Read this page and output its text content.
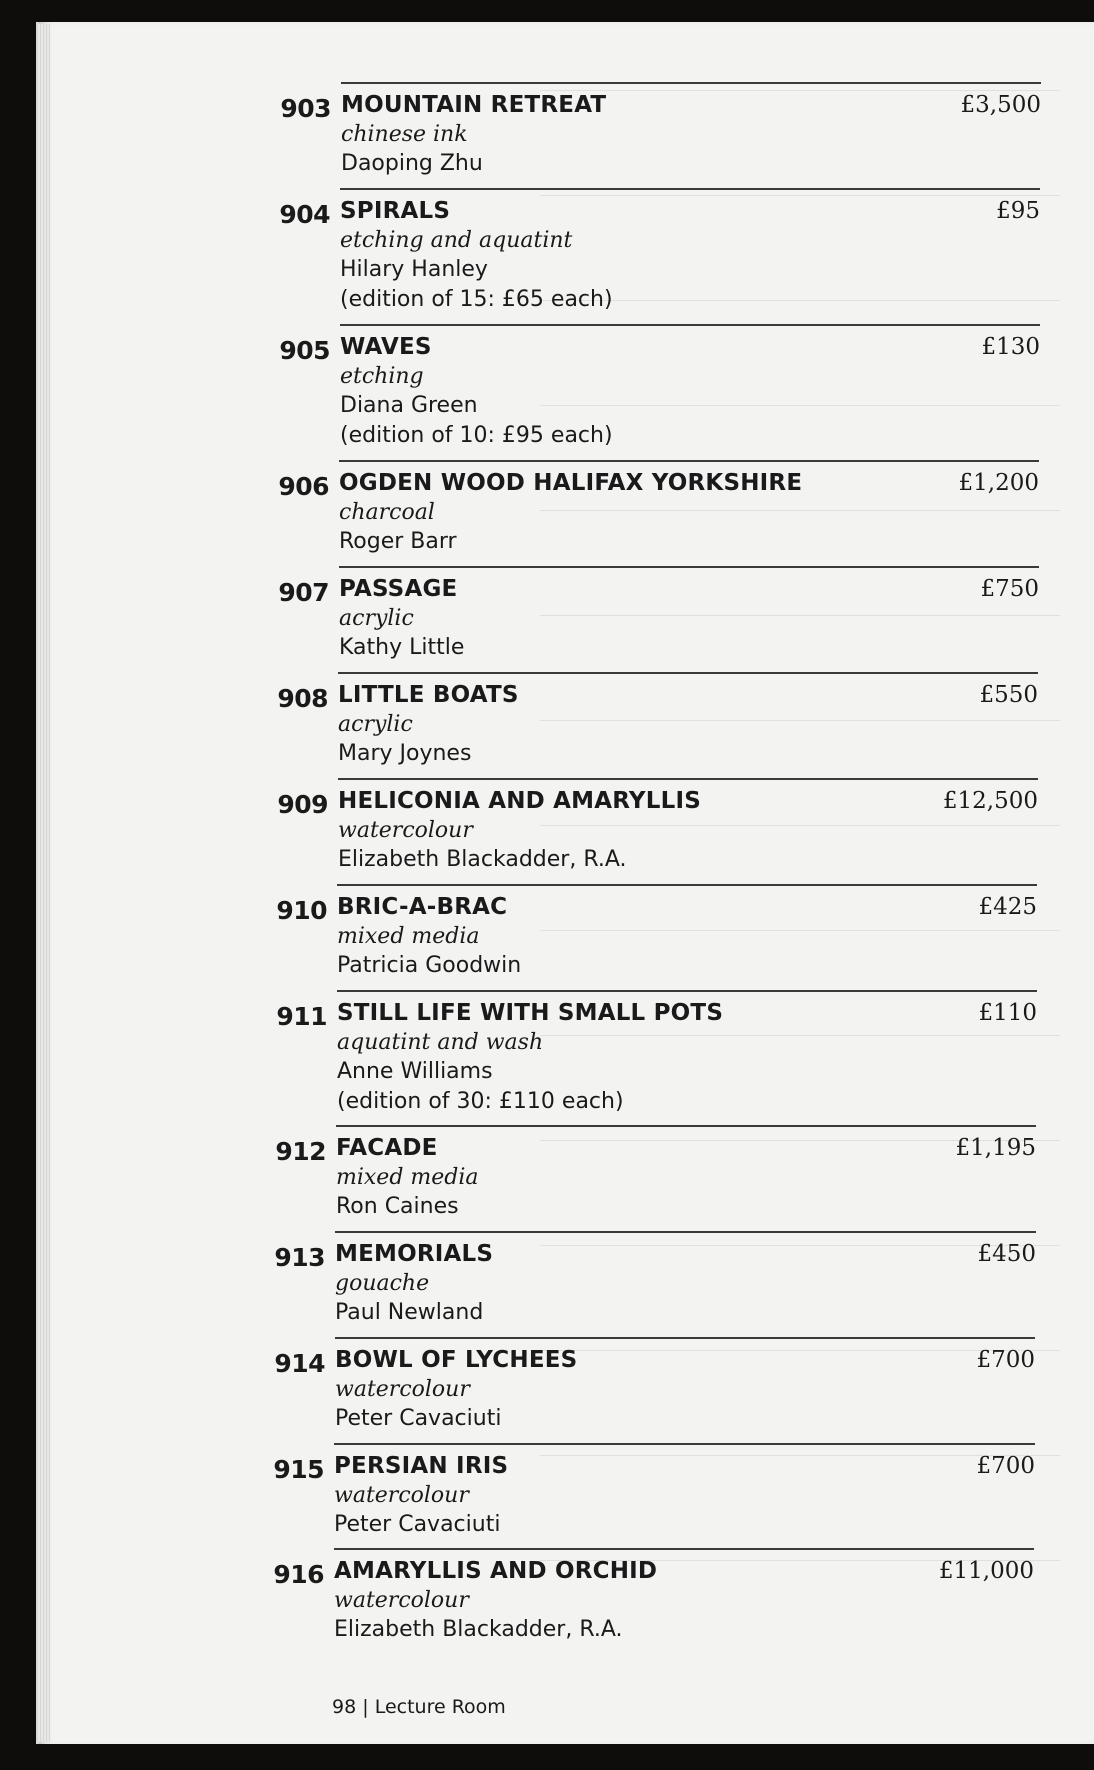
903 MOUNTAIN RETREAT
chinese ink
Daoping Zhu
£3,500
904 SPIRALS
etching and aquatint
Hilary Hanley
(edition of 15: £65 each)
£95
905 WAVES
etching
Diana Green
(edition of 10: £95 each)
£130
906 OGDEN WOOD HALIFAX YORKSHIRE
charcoal
Roger Barr
£1,200
907 PASSAGE
acrylic
Kathy Little
£750
908 LITTLE BOATS
acrylic
Mary Joynes
£550
909 HELICONIA AND AMARYLLIS
watercolour
Elizabeth Blackadder, R.A.
£12,500
910 BRIC-A-BRAC
mixed media
Patricia Goodwin
£425
911 STILL LIFE WITH SMALL POTS
aquatint and wash
Anne Williams
(edition of 30: £110 each)
£110
912 FACADE
mixed media
Ron Caines
£1,195
913 MEMORIALS
gouache
Paul Newland
£450
914 BOWL OF LYCHEES
watercolour
Peter Cavaciuti
£700
915 PERSIAN IRIS
watercolour
Peter Cavaciuti
£700
916 AMARYLLIS AND ORCHID
watercolour
Elizabeth Blackadder, R.A.
£11,000
98 | Lecture Room
